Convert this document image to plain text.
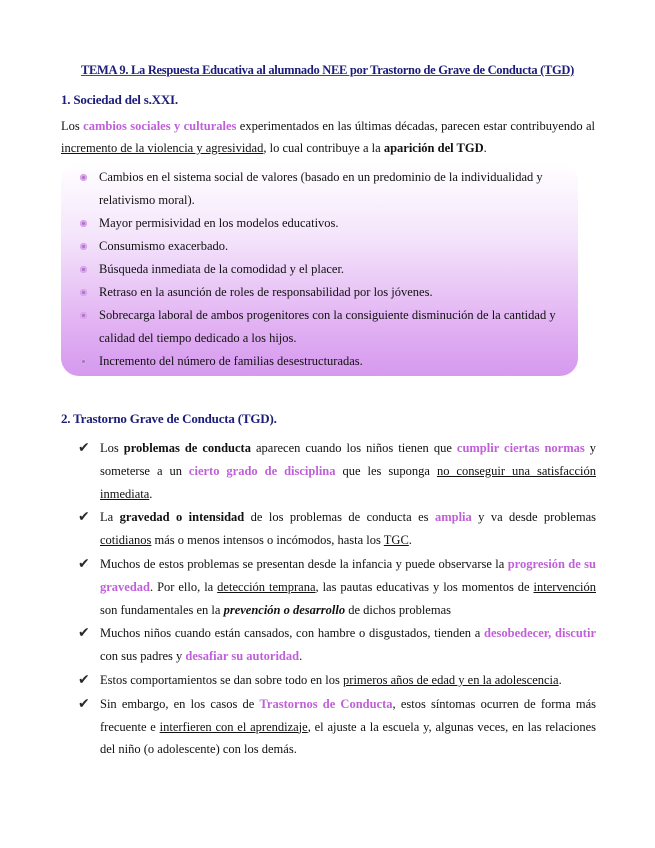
TEMA 9. La Respuesta Educativa al alumnado NEE por Trastorno de Grave de Conducta (TGD)
1. Sociedad del s.XXI.
Los cambios sociales y culturales experimentados en las últimas décadas, parecen estar contribuyendo al incremento de la violencia y agresividad, lo cual contribuye a la aparición del TGD.
Cambios en el sistema social de valores (basado en un predominio de la individualidad y relativismo moral).
Mayor permisividad en los modelos educativos.
Consumismo exacerbado.
Búsqueda inmediata de la comodidad y el placer.
Retraso en la asunción de roles de responsabilidad por los jóvenes.
Sobrecarga laboral de ambos progenitores con la consiguiente disminución de la cantidad y calidad del tiempo dedicado a los hijos.
Incremento del número de familias desestructuradas.
2. Trastorno Grave de Conducta (TGD).
✔ Los problemas de conducta aparecen cuando los niños tienen que cumplir ciertas normas y someterse a un cierto grado de disciplina que les suponga no conseguir una satisfacción inmediata.
✔ La gravedad o intensidad de los problemas de conducta es amplia y va desde problemas cotidianos más o menos intensos o incómodos, hasta los TGC.
✔ Muchos de estos problemas se presentan desde la infancia y puede observarse la progresión de su gravedad. Por ello, la detección temprana, las pautas educativas y los momentos de intervención son fundamentales en la prevención o desarrollo de dichos problemas
✔ Muchos niños cuando están cansados, con hambre o disgustados, tienden a desobedecer, discutir con sus padres y desafiar su autoridad.
✔ Estos comportamientos se dan sobre todo en los primeros años de edad y en la adolescencia.
✔ Sin embargo, en los casos de Trastornos de Conducta, estos síntomas ocurren de forma más frecuente e interfieren con el aprendizaje, el ajuste a la escuela y, algunas veces, en las relaciones del niño (o adolescente) con los demás.
